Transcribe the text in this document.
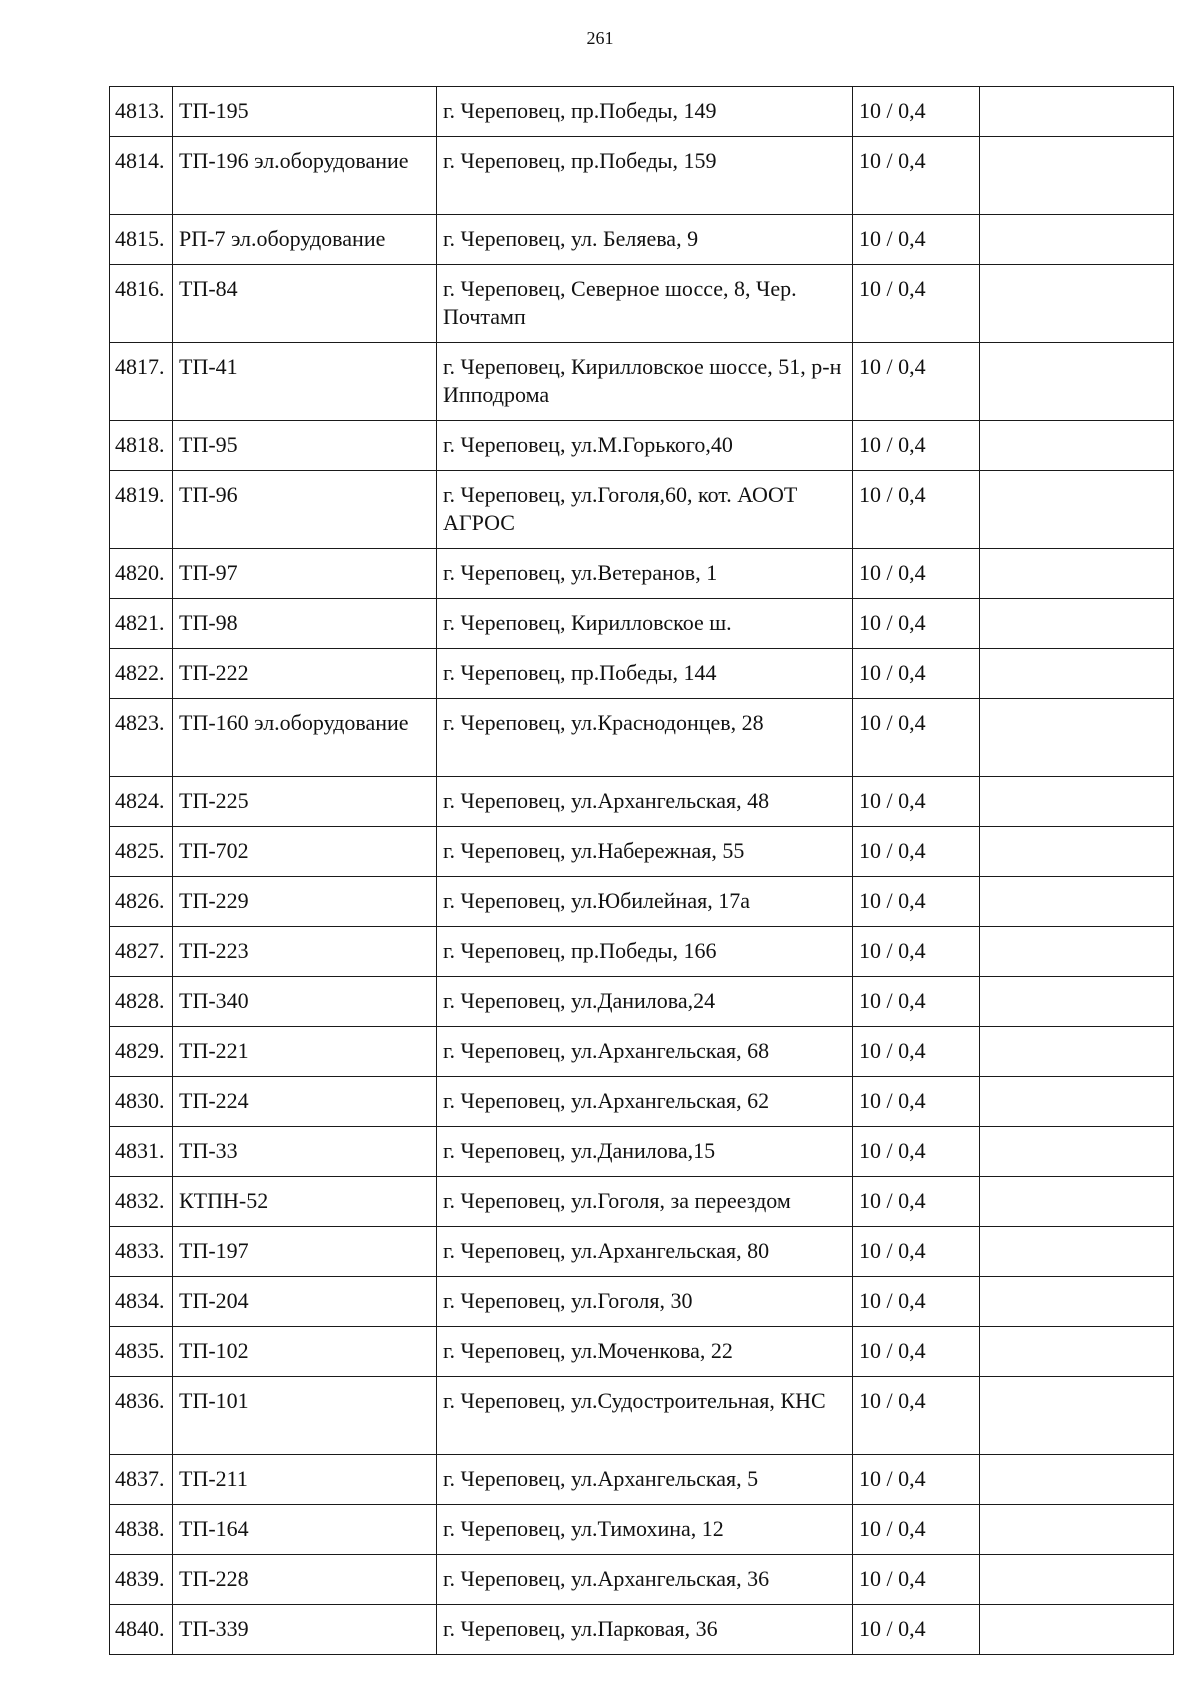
261
4813.	ТП-195	г. Череповец, пр.Победы, 149	10 / 0,4	
4814.	ТП-196 эл.оборудование	г. Череповец, пр.Победы, 159	10 / 0,4	
4815.	РП-7 эл.оборудование	г. Череповец, ул. Беляева, 9	10 / 0,4	
4816.	ТП-84	г. Череповец, Северное шоссе, 8, Чер. Почтамп	10 / 0,4	
4817.	ТП-41	г. Череповец, Кирилловское шоссе, 51, р-н Ипподрома	10 / 0,4	
4818.	ТП-95	г. Череповец, ул.М.Горького,40	10 / 0,4	
4819.	ТП-96	г. Череповец, ул.Гоголя,60, кот. АООТ АГРОС	10 / 0,4	
4820.	ТП-97	г. Череповец, ул.Ветеранов, 1	10 / 0,4	
4821.	ТП-98	г. Череповец, Кирилловское ш.	10 / 0,4	
4822.	ТП-222	г. Череповец, пр.Победы, 144	10 / 0,4	
4823.	ТП-160 эл.оборудование	г. Череповец, ул.Краснодонцев, 28	10 / 0,4	
4824.	ТП-225	г. Череповец, ул.Архангельская, 48	10 / 0,4	
4825.	ТП-702	г. Череповец, ул.Набережная, 55	10 / 0,4	
4826.	ТП-229	г. Череповец, ул.Юбилейная, 17а	10 / 0,4	
4827.	ТП-223	г. Череповец, пр.Победы, 166	10 / 0,4	
4828.	ТП-340	г. Череповец, ул.Данилова,24	10 / 0,4	
4829.	ТП-221	г. Череповец, ул.Архангельская, 68	10 / 0,4	
4830.	ТП-224	г. Череповец, ул.Архангельская, 62	10 / 0,4	
4831.	ТП-33	г. Череповец, ул.Данилова,15	10 / 0,4	
4832.	КТПН-52	г. Череповец, ул.Гоголя, за переездом	10 / 0,4	
4833.	ТП-197	г. Череповец, ул.Архангельская, 80	10 / 0,4	
4834.	ТП-204	г. Череповец, ул.Гоголя, 30	10 / 0,4	
4835.	ТП-102	г. Череповец, ул.Моченкова, 22	10 / 0,4	
4836.	ТП-101	г. Череповец, ул.Судостроительная, КНС	10 / 0,4	
4837.	ТП-211	г. Череповец, ул.Архангельская, 5	10 / 0,4	
4838.	ТП-164	г. Череповец, ул.Тимохина, 12	10 / 0,4	
4839.	ТП-228	г. Череповец, ул.Архангельская, 36	10 / 0,4	
4840.	ТП-339	г. Череповец, ул.Парковая, 36	10 / 0,4	
